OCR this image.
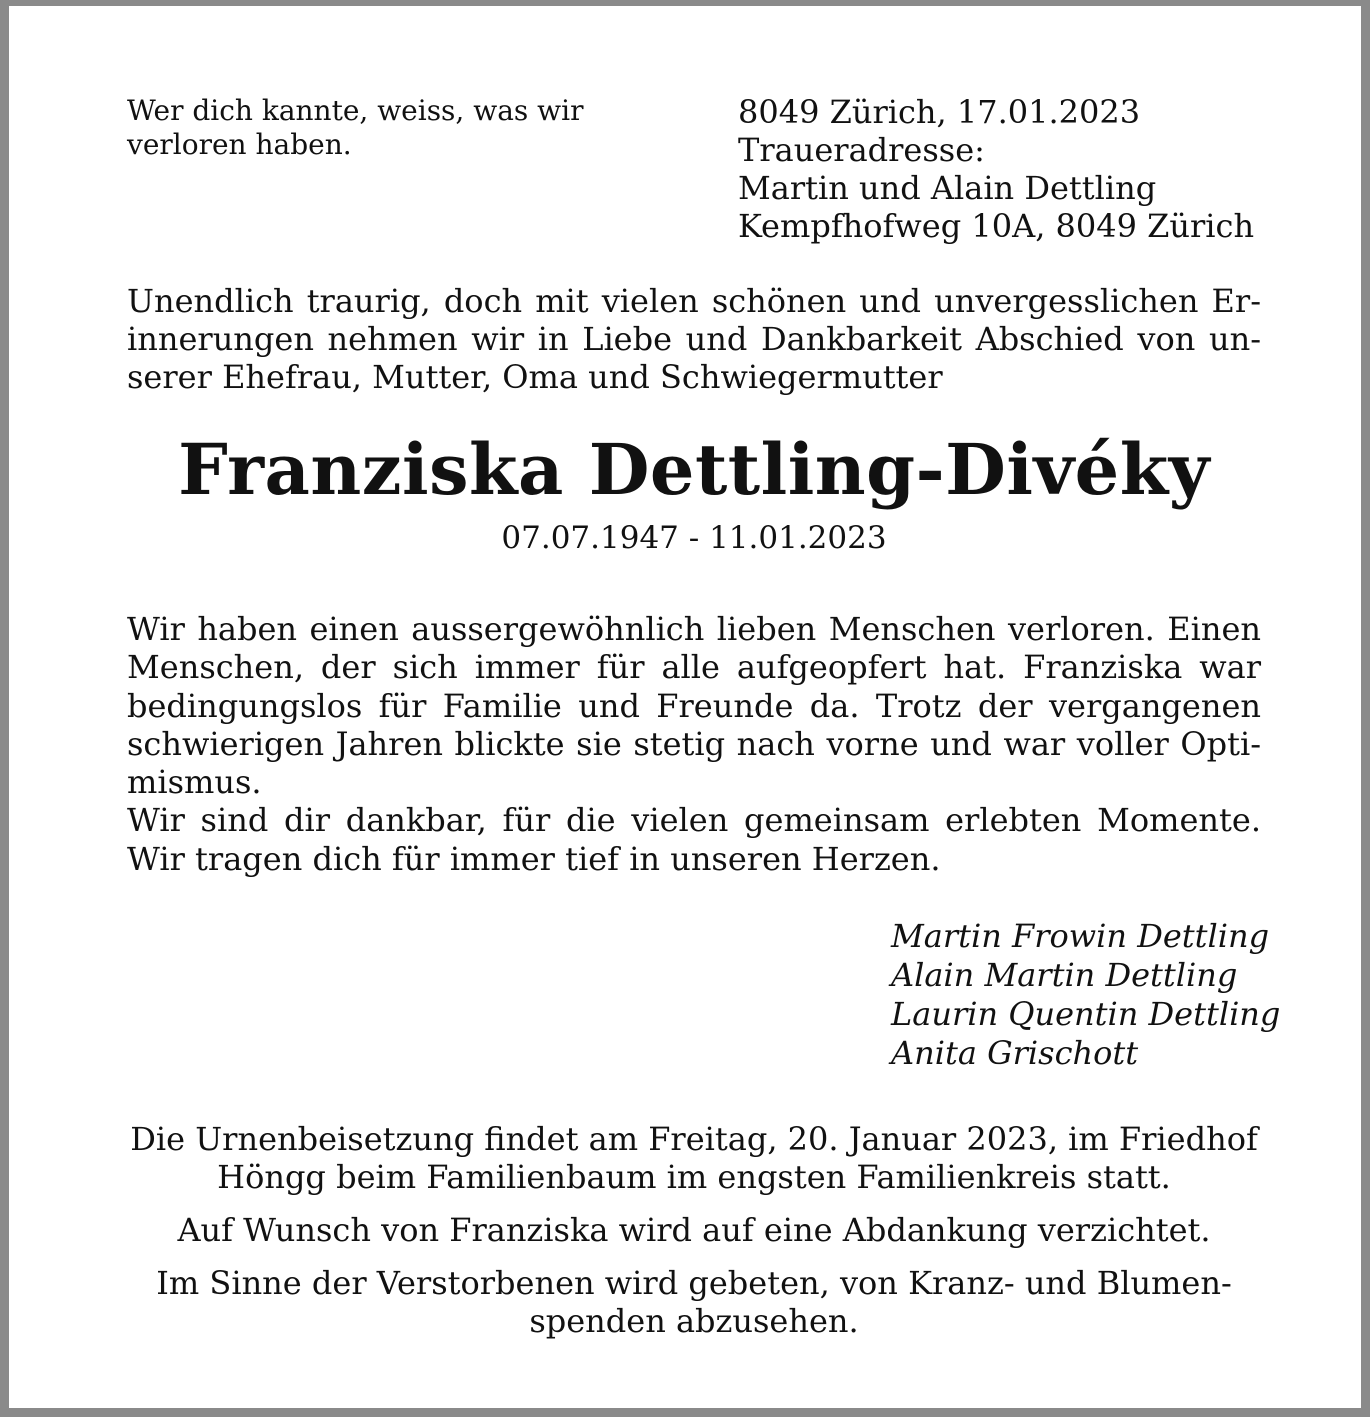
Wer dich kannte, weiss, was wir
verloren haben.
8049 Zürich, 17.01.2023
Traueradresse:
Martin und Alain Dettling
Kempfhofweg 10A, 8049 Zürich
Unendlich traurig, doch mit vielen schönen und unvergesslichen Er-
innerungen nehmen wir in Liebe und Dankbarkeit Abschied von un-
serer Ehefrau, Mutter, Oma und Schwiegermutter
Franziska Dettling-Divéky
07.07.1947 - 11.01.2023
Wir haben einen aussergewöhnlich lieben Menschen verloren. Einen
Menschen, der sich immer für alle aufgeopfert hat. Franziska war
bedingungslos für Familie und Freunde da. Trotz der vergangenen
schwierigen Jahren blickte sie stetig nach vorne und war voller Opti-
mismus.
Wir sind dir dankbar, für die vielen gemeinsam erlebten Momente.
Wir tragen dich für immer tief in unseren Herzen.
Martin Frowin Dettling
Alain Martin Dettling
Laurin Quentin Dettling
Anita Grischott
Die Urnenbeisetzung findet am Freitag, 20. Januar 2023, im Friedhof
Höngg beim Familienbaum im engsten Familienkreis statt.
Auf Wunsch von Franziska wird auf eine Abdankung verzichtet.
Im Sinne der Verstorbenen wird gebeten, von Kranz- und Blumen-
spenden abzusehen.
